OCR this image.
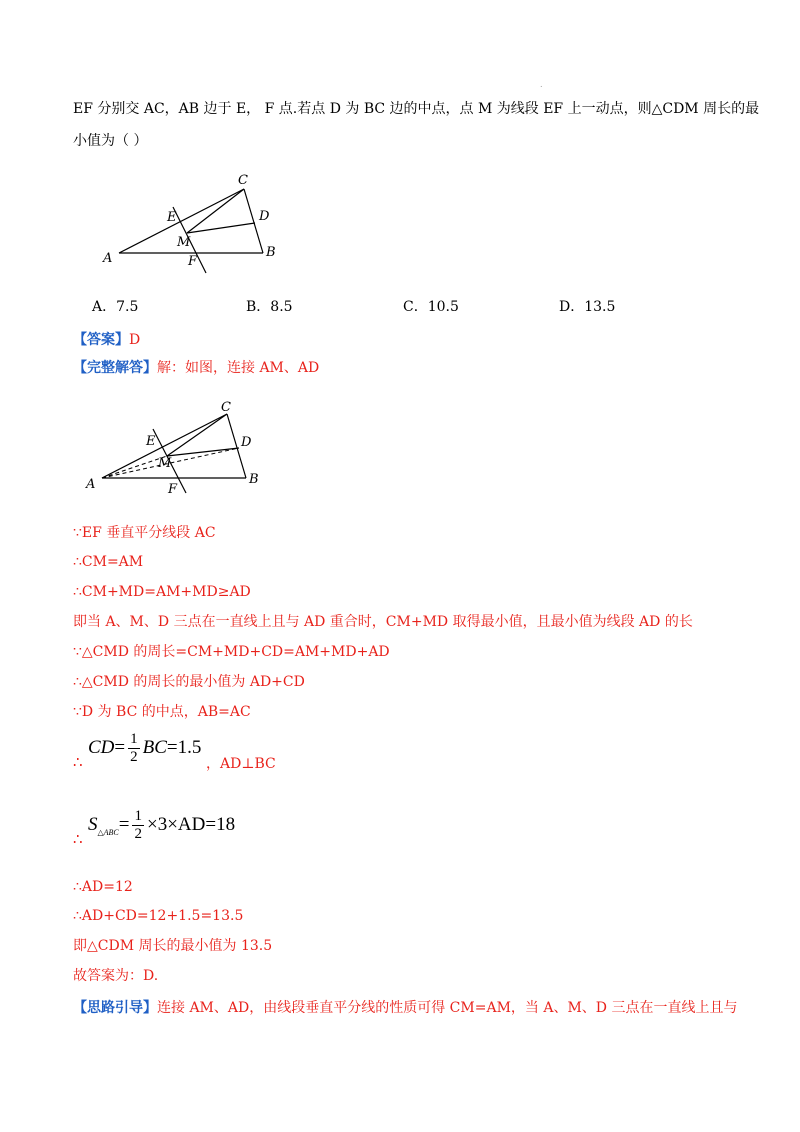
.
EF 分别交 AC，AB 边于 E， F 点.若点 D 为 BC 边的中点，点 M 为线段 EF 上一动点，则△CDM 周长的最
小值为（ ）
A	B
C
D
E
F
M
A．7.5	B．8.5	C．10.5	D．13.5
【答案】D
【完整解答】解：如图，连接 AM、AD
A	B
C
D
E
F
M
∵EF 垂直平分线段 AC
∴CM=AM
∴CM+MD=AM+MD≥AD
即当 A、M、D 三点在一直线上且与 AD 重合时，CM+MD 取得最小值，且最小值为线段 AD 的长
∵△CMD 的周长=CM+MD+CD=AM+MD+AD
∴△CMD 的周长的最小值为 AD+CD
∵D 为 BC 的中点，AB=AC
∴
$CD= \frac{1}{2} BC=1.5$
，AD⊥BC
∴
$S_{\triangle ABC}= \frac{1}{2} \times 3\times AD=18$
∴AD=12
∴AD+CD=12+1.5=13.5
即△CDM 周长的最小值为 13.5
故答案为：D.
【思路引导】连接 AM、AD，由线段垂直平分线的性质可得 CM=AM，当 A、M、D 三点在一直线上且与
